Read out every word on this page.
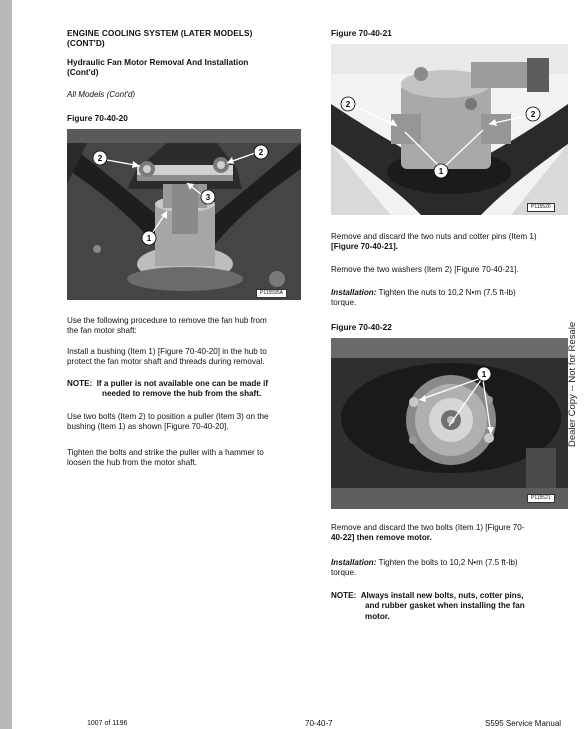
ENGINE COOLING SYSTEM (LATER MODELS)
(CONT'D)
Hydraulic Fan Motor Removal And Installation
(Cont'd)
All Models (Cont'd)
Figure 70-40-20
2
2
3
1
P115595A
Use the following procedure to remove the fan hub from
the fan motor shaft:
Install a bushing (Item 1) [Figure 70-40-20] in the hub to
protect the fan motor shaft and threads during removal.
NOTE: If a puller is not available one can be made if
needed to remove the hub from the shaft.
Use two bolts (Item 2) to position a puller (Item 3) on the
bushing (Item 1) as shown [Figure 70-40-20].
Tighten the bolts and strike the puller with a hammer to
loosen the hub from the motor shaft.
Figure 70-40-21
2
2
1
P115520
Remove and discard the two nuts and cotter pins (Item 1)
[Figure 70-40-21].
Remove the two washers (Item 2) [Figure 70-40-21].
Installation: Tighten the nuts to 10,2 N•m (7.5 ft-lb)
torque.
Figure 70-40-22
1
P115521
Remove and discard the two bolts (Item 1) [Figure 70-
40-22] then remove motor.
Installation: Tighten the bolts to 10,2 N•m (7.5 ft-lb)
torque.
NOTE: Always install new bolts, nuts, cotter pins,
and rubber gasket when installing the fan
motor.
Dealer Copy -- Not for Resale
1007 of 1196	70-40-7	S595 Service Manual
